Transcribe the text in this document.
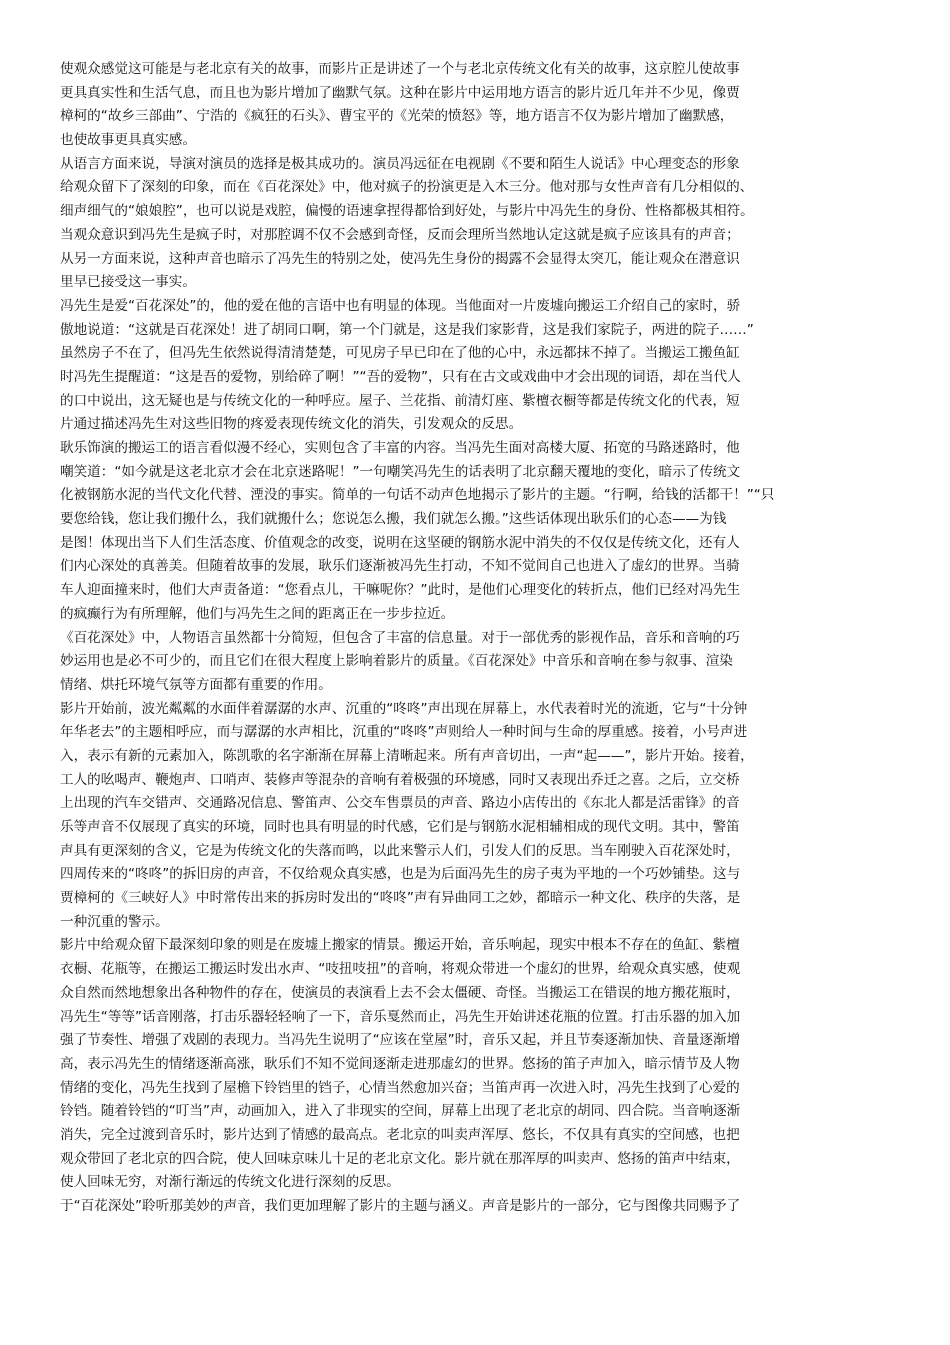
使观众感觉这可能是与老北京有关的故事，而影片正是讲述了一个与老北京传统文化有关的故事，这京腔儿使故事
更具真实性和生活气息，而且也为影片增加了幽默气氛。这种在影片中运用地方语言的影片近几年并不少见，像贾
樟柯的“故乡三部曲”、宁浩的《疯狂的石头》、曹宝平的《光荣的愤怒》等，地方语言不仅为影片增加了幽默感，
也使故事更具真实感。
从语言方面来说，导演对演员的选择是极其成功的。演员冯远征在电视剧《不要和陌生人说话》中心理变态的形象
给观众留下了深刻的印象，而在《百花深处》中，他对疯子的扮演更是入木三分。他对那与女性声音有几分相似的、
细声细气的“娘娘腔”，也可以说是戏腔，偏慢的语速拿捏得都恰到好处，与影片中冯先生的身份、性格都极其相符。
当观众意识到冯先生是疯子时，对那腔调不仅不会感到奇怪，反而会理所当然地认定这就是疯子应该具有的声音；
从另一方面来说，这种声音也暗示了冯先生的特别之处，使冯先生身份的揭露不会显得太突兀，能让观众在潜意识
里早已接受这一事实。
冯先生是爱“百花深处”的，他的爱在他的言语中也有明显的体现。当他面对一片废墟向搬运工介绍自己的家时，骄
傲地说道：“这就是百花深处！进了胡同口啊，第一个门就是，这是我们家影背，这是我们家院子，两进的院子……”
虽然房子不在了，但冯先生依然说得清清楚楚，可见房子早已印在了他的心中，永远都抹不掉了。当搬运工搬鱼缸
时冯先生提醒道：“这是吾的爱物，别给碎了啊！”“吾的爱物”，只有在古文或戏曲中才会出现的词语，却在当代人
的口中说出，这无疑也是与传统文化的一种呼应。屋子、兰花指、前清灯座、紫檀衣橱等都是传统文化的代表，短
片通过描述冯先生对这些旧物的疼爱表现传统文化的消失，引发观众的反思。
耿乐饰演的搬运工的语言看似漫不经心，实则包含了丰富的内容。当冯先生面对高楼大厦、拓宽的马路迷路时，他
嘲笑道：“如今就是这老北京才会在北京迷路呢！”一句嘲笑冯先生的话表明了北京翻天覆地的变化，暗示了传统文
化被钢筋水泥的当代文化代替、湮没的事实。简单的一句话不动声色地揭示了影片的主题。“行啊，给钱的活都干！”“只
要您给钱，您让我们搬什么，我们就搬什么；您说怎么搬，我们就怎么搬。”这些话体现出耿乐们的心态——为钱
是图！体现出当下人们生活态度、价值观念的改变，说明在这坚硬的钢筋水泥中消失的不仅仅是传统文化，还有人
们内心深处的真善美。但随着故事的发展，耿乐们逐渐被冯先生打动，不知不觉间自己也进入了虚幻的世界。当骑
车人迎面撞来时，他们大声责备道：“您看点儿，干嘛呢你？”此时，是他们心理变化的转折点，他们已经对冯先生
的疯癫行为有所理解，他们与冯先生之间的距离正在一步步拉近。
《百花深处》中，人物语言虽然都十分简短，但包含了丰富的信息量。对于一部优秀的影视作品，音乐和音响的巧
妙运用也是必不可少的，而且它们在很大程度上影响着影片的质量。《百花深处》中音乐和音响在参与叙事、渲染
情绪、烘托环境气氛等方面都有重要的作用。
影片开始前，波光粼粼的水面伴着潺潺的水声、沉重的“咚咚”声出现在屏幕上，水代表着时光的流逝，它与“十分钟
年华老去”的主题相呼应，而与潺潺的水声相比，沉重的“咚咚”声则给人一种时间与生命的厚重感。接着，小号声进
入，表示有新的元素加入，陈凯歌的名字渐渐在屏幕上清晰起来。所有声音切出，一声“起——”，影片开始。接着，
工人的吆喝声、鞭炮声、口哨声、装修声等混杂的音响有着极强的环境感，同时又表现出乔迁之喜。之后，立交桥
上出现的汽车交错声、交通路况信息、警笛声、公交车售票员的声音、路边小店传出的《东北人都是活雷锋》的音
乐等声音不仅展现了真实的环境，同时也具有明显的时代感，它们是与钢筋水泥相辅相成的现代文明。其中，警笛
声具有更深刻的含义，它是为传统文化的失落而鸣，以此来警示人们，引发人们的反思。当车刚驶入百花深处时，
四周传来的“咚咚”的拆旧房的声音，不仅给观众真实感，也是为后面冯先生的房子夷为平地的一个巧妙铺垫。这与
贾樟柯的《三峡好人》中时常传出来的拆房时发出的“咚咚”声有异曲同工之妙，都暗示一种文化、秩序的失落，是
一种沉重的警示。
影片中给观众留下最深刻印象的则是在废墟上搬家的情景。搬运开始，音乐响起，现实中根本不存在的鱼缸、紫檀
衣橱、花瓶等，在搬运工搬运时发出水声、“吱扭吱扭”的音响，将观众带进一个虚幻的世界，给观众真实感，使观
众自然而然地想象出各种物件的存在，使演员的表演看上去不会太僵硬、奇怪。当搬运工在错误的地方搬花瓶时，
冯先生“等等”话音刚落，打击乐器轻轻响了一下，音乐戛然而止，冯先生开始讲述花瓶的位置。打击乐器的加入加
强了节奏性、增强了戏剧的表现力。当冯先生说明了“应该在堂屋”时，音乐又起，并且节奏逐渐加快、音量逐渐增
高，表示冯先生的情绪逐渐高涨，耿乐们不知不觉间逐渐走进那虚幻的世界。悠扬的笛子声加入，暗示情节及人物
情绪的变化，冯先生找到了屋檐下铃铛里的铛子，心情当然愈加兴奋；当笛声再一次进入时，冯先生找到了心爱的
铃铛。随着铃铛的“叮当”声，动画加入，进入了非现实的空间，屏幕上出现了老北京的胡同、四合院。当音响逐渐
消失，完全过渡到音乐时，影片达到了情感的最高点。老北京的叫卖声浑厚、悠长，不仅具有真实的空间感，也把
观众带回了老北京的四合院，使人回味京味儿十足的老北京文化。影片就在那浑厚的叫卖声、悠扬的笛声中结束，
使人回味无穷，对渐行渐远的传统文化进行深刻的反思。
于“百花深处”聆听那美妙的声音，我们更加理解了影片的主题与涵义。声音是影片的一部分，它与图像共同赐予了
